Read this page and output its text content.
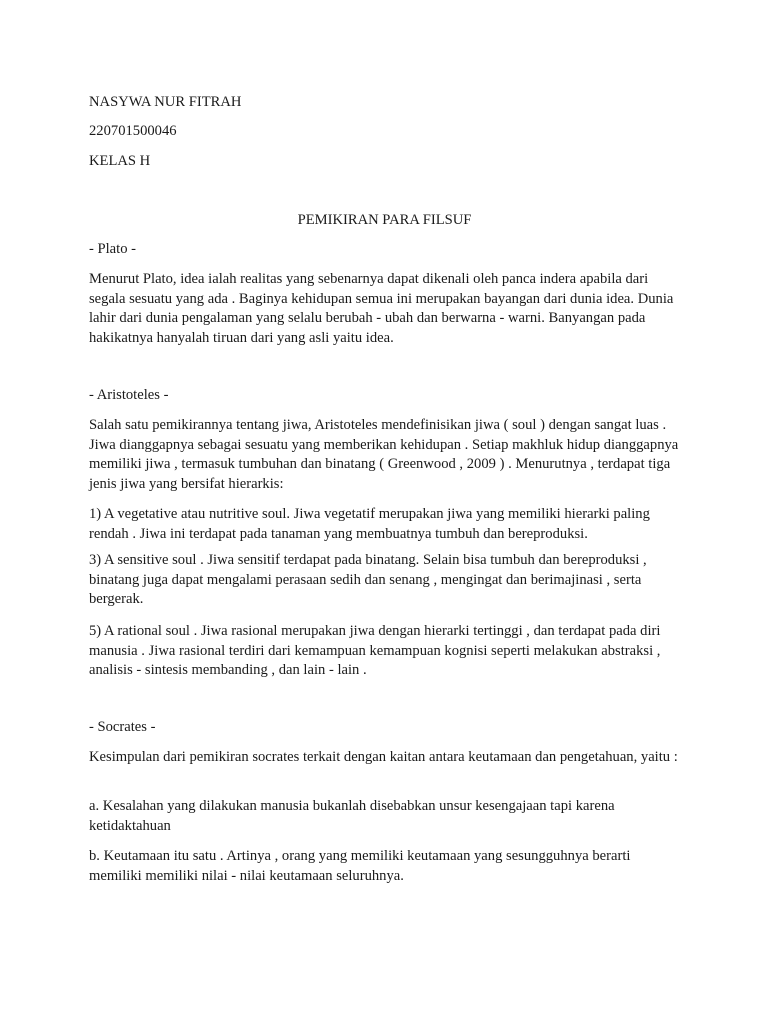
NASYWA NUR FITRAH

220701500046

KELAS H

PEMIKIRAN PARA FILSUF

- Plato -

Menurut Plato, idea ialah realitas yang sebenarnya dapat dikenali oleh panca indera apabila dari segala sesuatu yang ada . Baginya kehidupan semua ini merupakan bayangan dari dunia idea. Dunia lahir dari dunia pengalaman yang selalu berubah - ubah dan berwarna - warni. Banyangan pada hakikatnya hanyalah tiruan dari yang asli yaitu idea.

- Aristoteles -

Salah satu pemikirannya tentang jiwa, Aristoteles mendefinisikan jiwa ( soul ) dengan sangat luas . Jiwa dianggapnya sebagai sesuatu yang memberikan kehidupan . Setiap makhluk hidup dianggapnya memiliki jiwa , termasuk tumbuhan dan binatang ( Greenwood , 2009 ) . Menurutnya , terdapat tiga jenis jiwa yang bersifat hierarkis:

1) A vegetative atau nutritive soul. Jiwa vegetatif merupakan jiwa yang memiliki hierarki paling rendah . Jiwa ini terdapat pada tanaman yang membuatnya tumbuh dan bereproduksi.

3) A sensitive soul . Jiwa sensitif terdapat pada binatang. Selain bisa tumbuh dan bereproduksi , binatang juga dapat mengalami perasaan sedih dan senang , mengingat dan berimajinasi , serta bergerak.

5) A rational soul . Jiwa rasional merupakan jiwa dengan hierarki tertinggi , dan terdapat pada diri manusia . Jiwa rasional terdiri dari kemampuan kemampuan kognisi seperti melakukan abstraksi , analisis - sintesis membanding , dan lain - lain .

- Socrates -

Kesimpulan dari pemikiran socrates terkait dengan kaitan antara keutamaan dan pengetahuan, yaitu :

a. Kesalahan yang dilakukan manusia bukanlah disebabkan unsur kesengajaan tapi karena ketidaktahuan

b. Keutamaan itu satu . Artinya , orang yang memiliki keutamaan yang sesungguhnya berarti memiliki memiliki nilai - nilai keutamaan seluruhnya.
